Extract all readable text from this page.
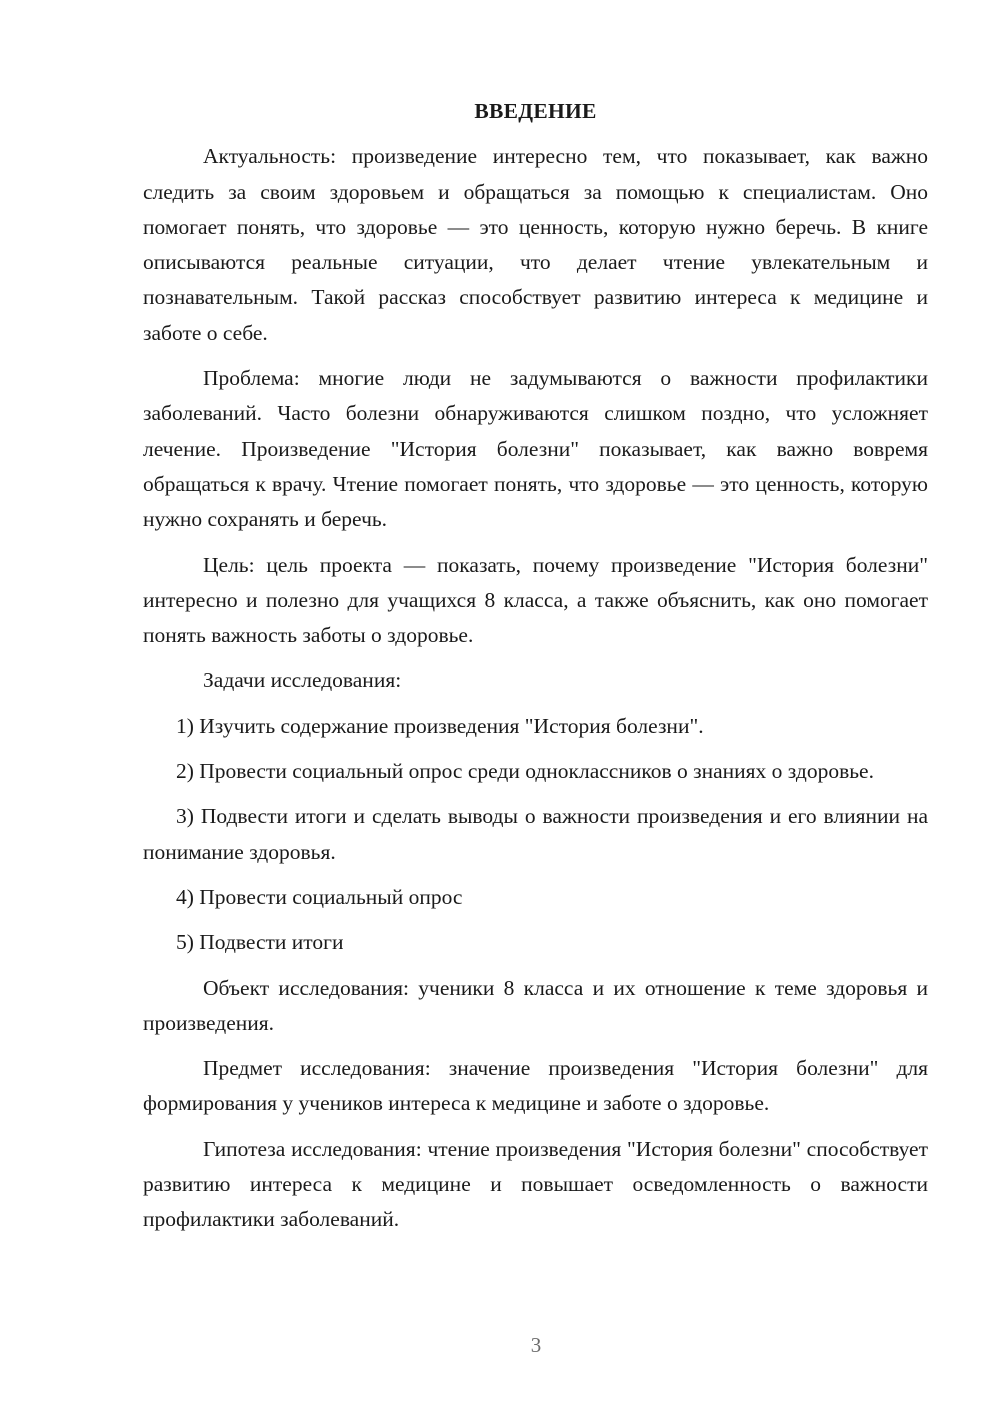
ВВЕДЕНИЕ

Актуальность: произведение интересно тем, что показывает, как важно следить за своим здоровьем и обращаться за помощью к специалистам. Оно помогает понять, что здоровье — это ценность, которую нужно беречь. В книге описываются реальные ситуации, что делает чтение увлекательным и познавательным. Такой рассказ способствует развитию интереса к медицине и заботе о себе.

Проблема: многие люди не задумываются о важности профилактики заболеваний. Часто болезни обнаруживаются слишком поздно, что усложняет лечение. Произведение "История болезни" показывает, как важно вовремя обращаться к врачу. Чтение помогает понять, что здоровье — это ценность, которую нужно сохранять и беречь.

Цель: цель проекта — показать, почему произведение "История болезни" интересно и полезно для учащихся 8 класса, а также объяснить, как оно помогает понять важность заботы о здоровье.

Задачи исследования:

1) Изучить содержание произведения "История болезни".

2) Провести социальный опрос среди одноклассников о знаниях о здоровье.

3) Подвести итоги и сделать выводы о важности произведения и его влиянии на понимание здоровья.

4) Провести социальный опрос

5) Подвести итоги

Объект исследования: ученики 8 класса и их отношение к теме здоровья и произведения.

Предмет исследования: значение произведения "История болезни" для формирования у учеников интереса к медицине и заботе о здоровье.

Гипотеза исследования: чтение произведения "История болезни" способствует развитию интереса к медицине и повышает осведомленность о важности профилактики заболеваний.

3
